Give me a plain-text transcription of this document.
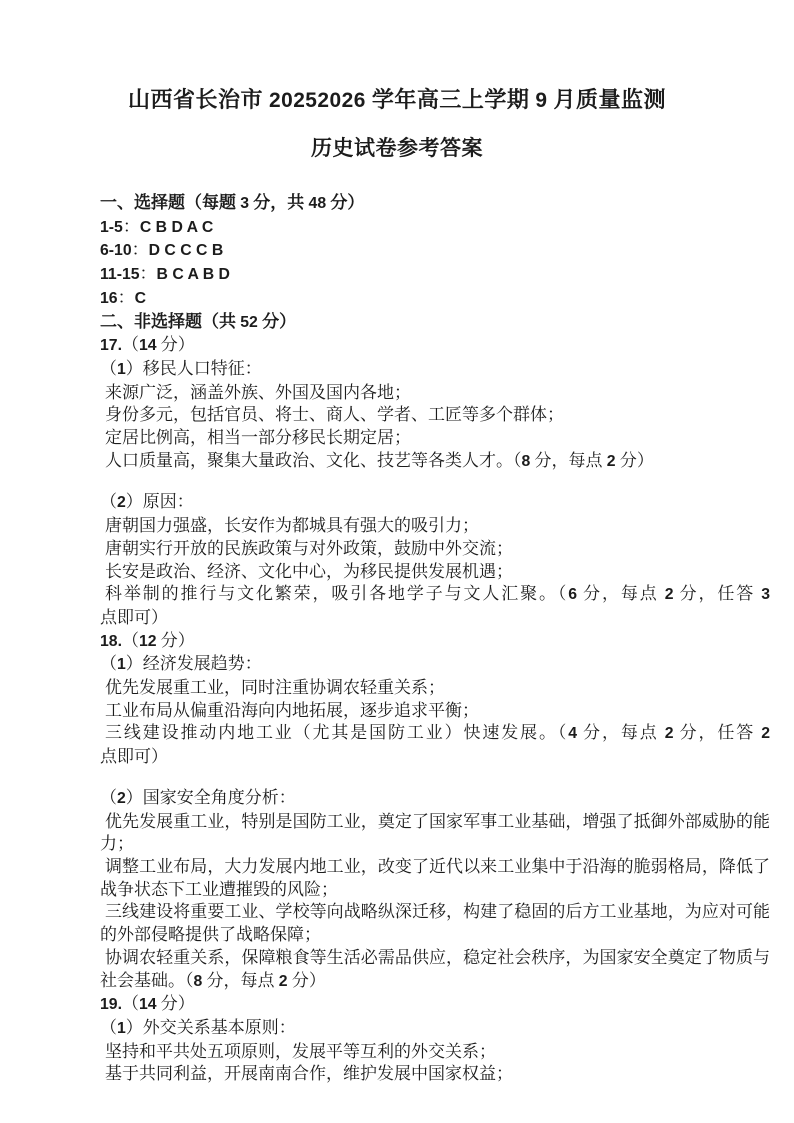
山西省长治市 20252026 学年高三上学期 9 月质量监测
历史试卷参考答案

一、选择题（每题 3 分，共 48 分）

1-5：C B D A C

6-10：D C C C B

11-15：B C A B D

16：C

二、非选择题（共 52 分）

17.（14 分）

（1）移民人口特征：

来源广泛，涵盖外族、外国及国内各地；

身份多元，包括官员、将士、商人、学者、工匠等多个群体；

定居比例高，相当一部分移民长期定居；

人口质量高，聚集大量政治、文化、技艺等各类人才。（8 分，每点 2 分）

（2）原因：

唐朝国力强盛，长安作为都城具有强大的吸引力；

唐朝实行开放的民族政策与对外政策，鼓励中外交流；

长安是政治、经济、文化中心，为移民提供发展机遇；

科举制的推行与文化繁荣，吸引各地学子与文人汇聚。（6 分，每点 2 分，任答 3 点即可）

18.（12 分）

（1）经济发展趋势：

优先发展重工业，同时注重协调农轻重关系；

工业布局从偏重沿海向内地拓展，逐步追求平衡；

三线建设推动内地工业（尤其是国防工业）快速发展。（4 分，每点 2 分，任答 2 点即可）

（2）国家安全角度分析：

优先发展重工业，特别是国防工业，奠定了国家军事工业基础，增强了抵御外部威胁的能力；

调整工业布局，大力发展内地工业，改变了近代以来工业集中于沿海的脆弱格局，降低了战争状态下工业遭摧毁的风险；

三线建设将重要工业、学校等向战略纵深迁移，构建了稳固的后方工业基地，为应对可能的外部侵略提供了战略保障；

协调农轻重关系，保障粮食等生活必需品供应，稳定社会秩序，为国家安全奠定了物质与社会基础。（8 分，每点 2 分）

19.（14 分）

（1）外交关系基本原则：

坚持和平共处五项原则，发展平等互利的外交关系；

基于共同利益，开展南南合作，维护发展中国家权益；
